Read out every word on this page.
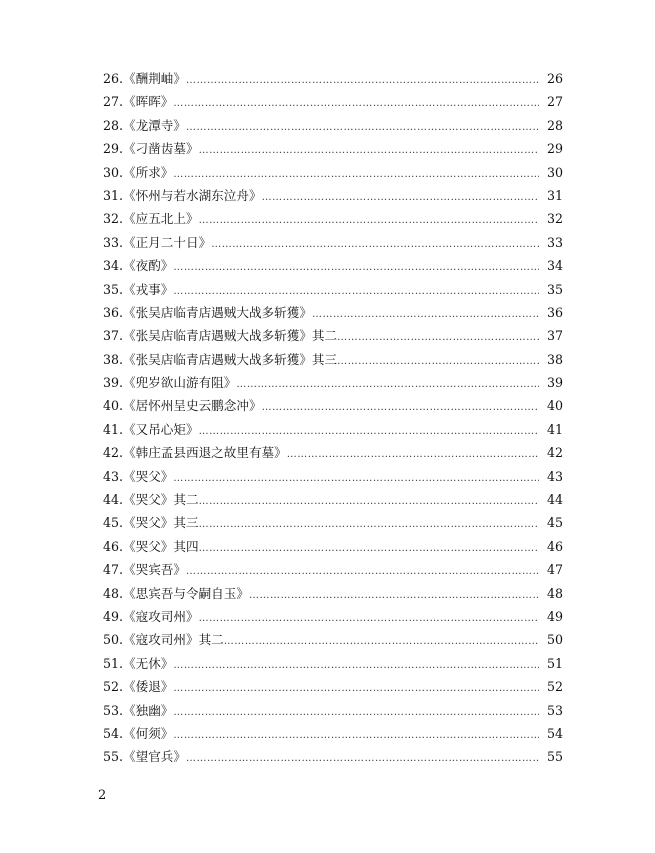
26.《酬荆岫》 ……………………………………………………………………………………………………………………………………………………………………………………	26
27.《晖晖》 ……………………………………………………………………………………………………………………………………………………………………………………	27
28.《龙潭寺》 ……………………………………………………………………………………………………………………………………………………………………………………	28
29.《刁凿齿墓》 ……………………………………………………………………………………………………………………………………………………………………………………	29
30.《所求》 ……………………………………………………………………………………………………………………………………………………………………………………	30
31.《怀州与若水湖东泣舟》 ……………………………………………………………………………………………………………………………………………………………………………………	31
32.《应五北上》 ……………………………………………………………………………………………………………………………………………………………………………………	32
33.《正月二十日》 ……………………………………………………………………………………………………………………………………………………………………………………	33
34.《夜酌》 ……………………………………………………………………………………………………………………………………………………………………………………	34
35.《戎事》 ……………………………………………………………………………………………………………………………………………………………………………………	35
36.《张吴店临青店遇贼大战多斩獲》 ……………………………………………………………………………………………………………………………………………………………………………………	36
37.《张吴店临青店遇贼大战多斩獲》其二 ……………………………………………………………………………………………………………………………………………………………………………………	37
38.《张吴店临青店遇贼大战多斩獲》其三 ……………………………………………………………………………………………………………………………………………………………………………………	38
39.《兜岁欲山游有阻》 ……………………………………………………………………………………………………………………………………………………………………………………	39
40.《居怀州呈史云鹏念冲》 ……………………………………………………………………………………………………………………………………………………………………………………	40
41.《又吊心矩》 ……………………………………………………………………………………………………………………………………………………………………………………	41
42.《韩庄孟县西退之故里有墓》 ……………………………………………………………………………………………………………………………………………………………………………………	42
43.《哭父》 ……………………………………………………………………………………………………………………………………………………………………………………	43
44.《哭父》其二 ……………………………………………………………………………………………………………………………………………………………………………………	44
45.《哭父》其三 ……………………………………………………………………………………………………………………………………………………………………………………	45
46.《哭父》其四 ……………………………………………………………………………………………………………………………………………………………………………………	46
47.《哭宾吾》 ……………………………………………………………………………………………………………………………………………………………………………………	47
48.《思宾吾与令嗣自玉》 ……………………………………………………………………………………………………………………………………………………………………………………	48
49.《寇攻司州》 ……………………………………………………………………………………………………………………………………………………………………………………	49
50.《寇攻司州》其二 ……………………………………………………………………………………………………………………………………………………………………………………	50
51.《无休》 ……………………………………………………………………………………………………………………………………………………………………………………	51
52.《倭退》 ……………………………………………………………………………………………………………………………………………………………………………………	52
53.《独幽》 ……………………………………………………………………………………………………………………………………………………………………………………	53
54.《何须》 ……………………………………………………………………………………………………………………………………………………………………………………	54
55.《望官兵》 ……………………………………………………………………………………………………………………………………………………………………………………	55
2
